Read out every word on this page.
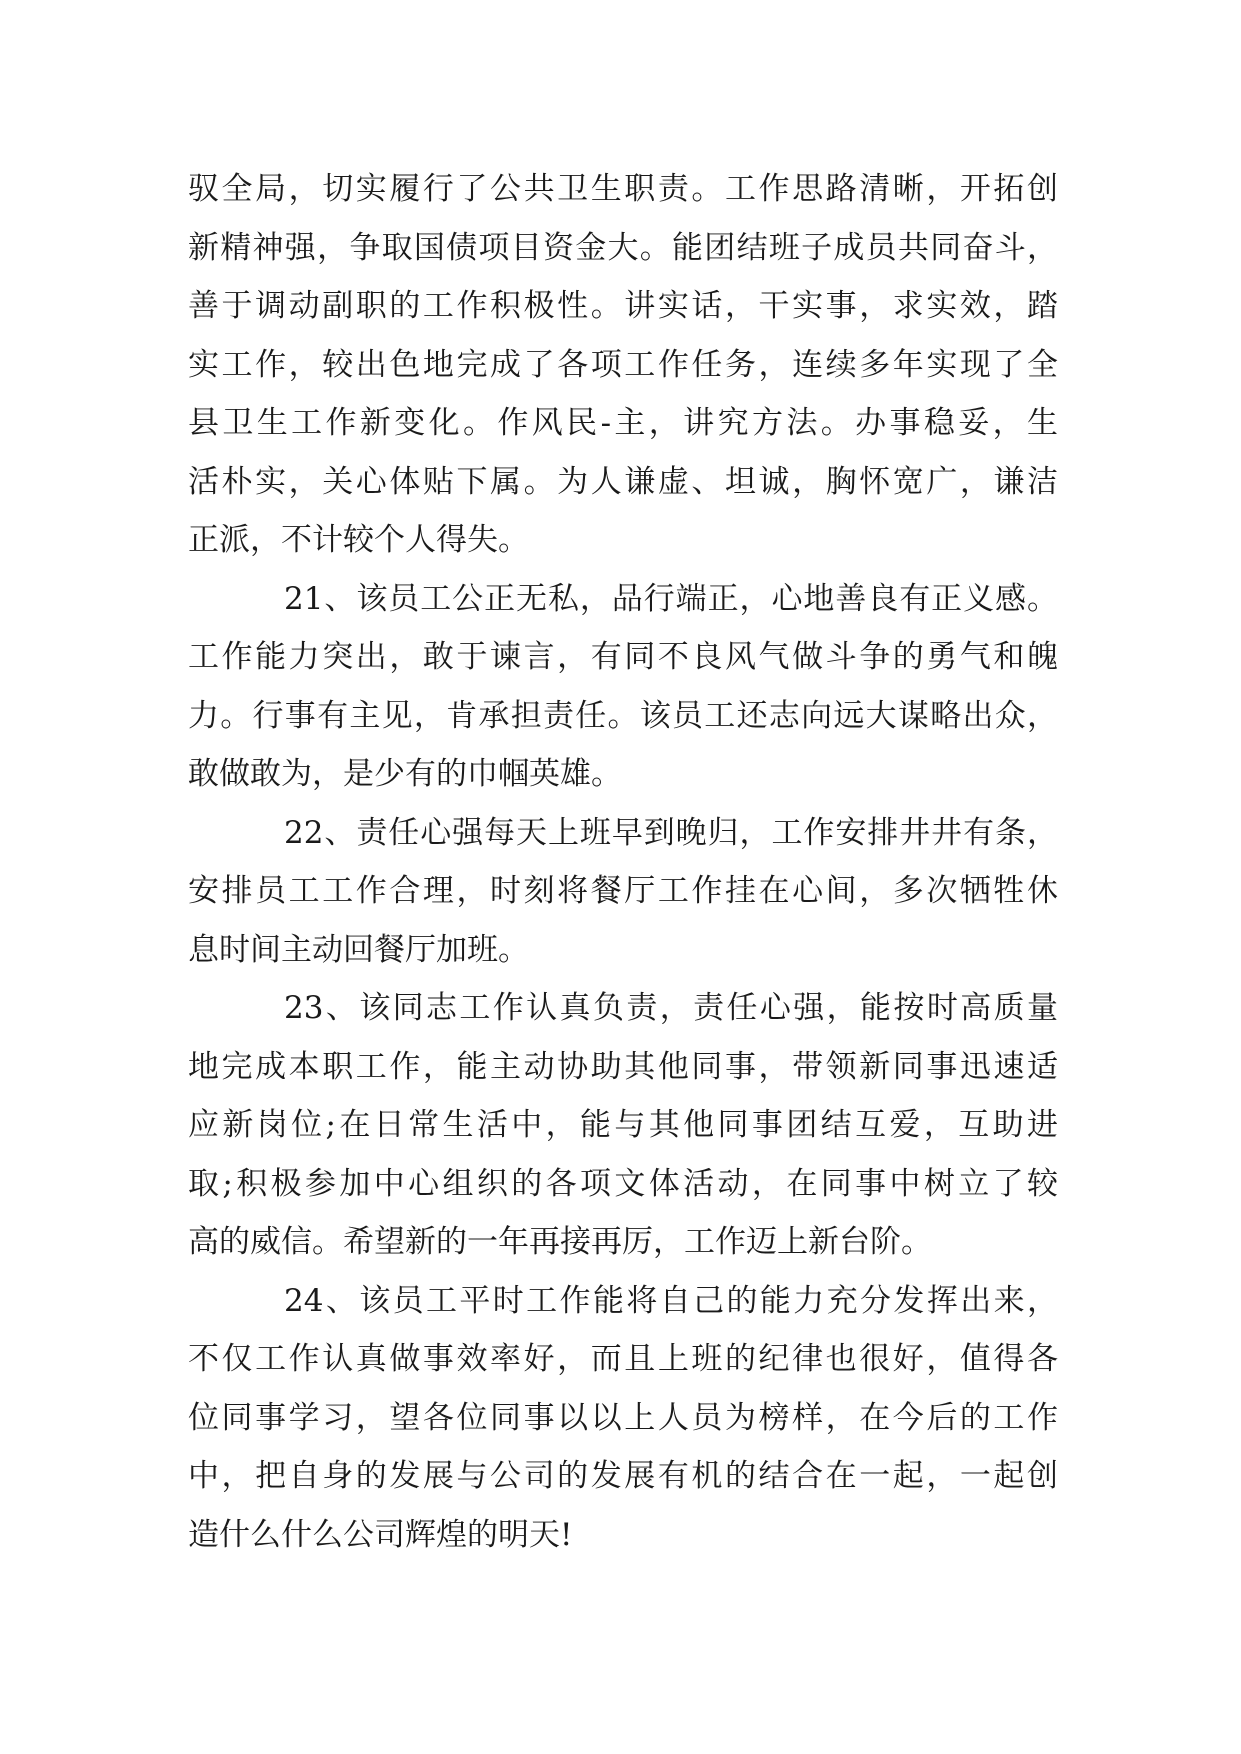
驭全局，切实履行了公共卫生职责。工作思路清晰，开拓创
新精神强，争取国债项目资金大。能团结班子成员共同奋斗，
善于调动副职的工作积极性。讲实话，干实事，求实效，踏
实工作，较出色地完成了各项工作任务，连续多年实现了全
县卫生工作新变化。作风民-主，讲究方法。办事稳妥，生
活朴实，关心体贴下属。为人谦虚、坦诚，胸怀宽广，谦洁
正派，不计较个人得失。

21、该员工公正无私，品行端正，心地善良有正义感。
工作能力突出，敢于谏言，有同不良风气做斗争的勇气和魄
力。行事有主见，肯承担责任。该员工还志向远大谋略出众，
敢做敢为，是少有的巾帼英雄。

22、责任心强每天上班早到晚归，工作安排井井有条，
安排员工工作合理，时刻将餐厅工作挂在心间，多次牺牲休
息时间主动回餐厅加班。

23、该同志工作认真负责，责任心强，能按时高质量
地完成本职工作，能主动协助其他同事，带领新同事迅速适
应新岗位;在日常生活中，能与其他同事团结互爱，互助进
取;积极参加中心组织的各项文体活动，在同事中树立了较
高的威信。希望新的一年再接再厉，工作迈上新台阶。

24、该员工平时工作能将自己的能力充分发挥出来，
不仅工作认真做事效率好，而且上班的纪律也很好，值得各
位同事学习，望各位同事以以上人员为榜样，在今后的工作
中，把自身的发展与公司的发展有机的结合在一起，一起创
造什么什么公司辉煌的明天!
